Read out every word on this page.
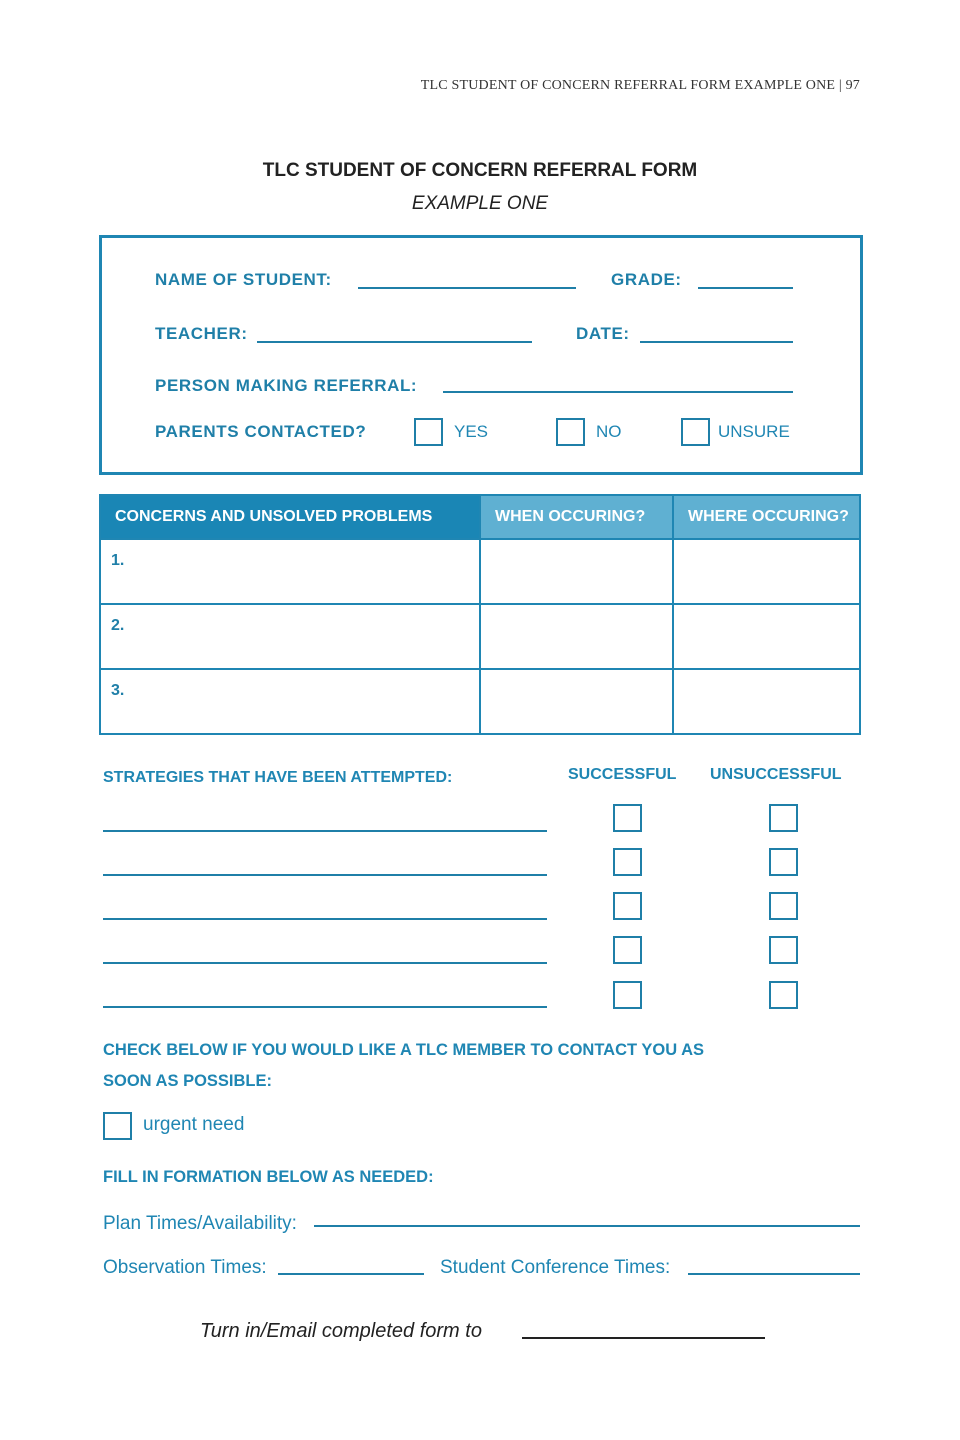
TLC STUDENT OF CONCERN REFERRAL FORM EXAMPLE ONE | 97
TLC STUDENT OF CONCERN REFERRAL FORM
EXAMPLE ONE
NAME OF STUDENT:	GRADE:
TEACHER:	DATE:
PERSON MAKING REFERRAL:
PARENTS CONTACTED?	YES	NO	UNSURE
CONCERNS AND UNSOLVED PROBLEMS	WHEN OCCURING?	WHERE OCCURING?

1.		

2.		

3.		

STRATEGIES THAT HAVE BEEN ATTEMPTED:	SUCCESSFUL UNSUCCESSFUL
CHECK BELOW IF YOU WOULD LIKE A TLC MEMBER TO CONTACT YOU AS
SOON AS POSSIBLE:
urgent need
FILL IN FORMATION BELOW AS NEEDED:
Plan Times/Availability:
Observation Times:	Student Conference Times:
Turn in/Email completed form to
